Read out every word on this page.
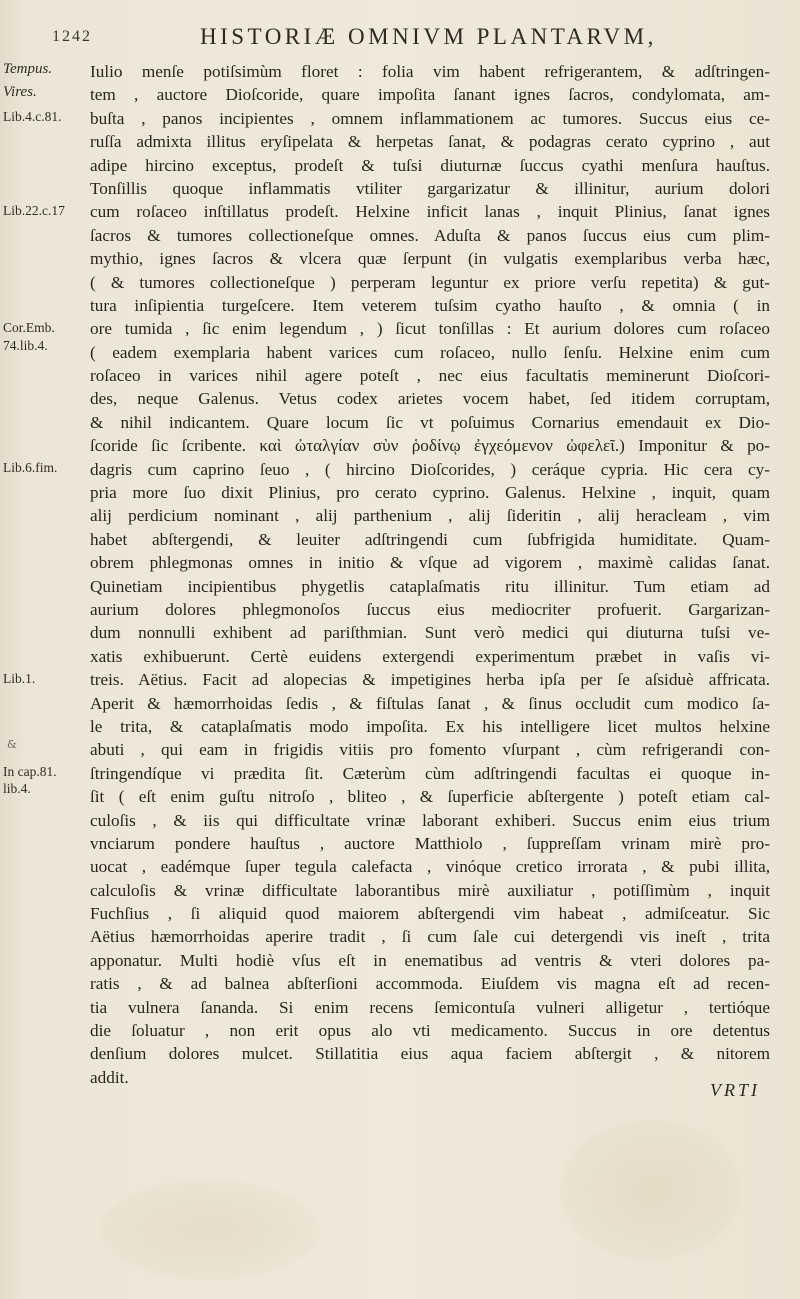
1242	HISTORIÆ OMNIVM PLANTARVM,
Tempus.
Vires.
Lib.4.c.81.
Lib.22.c.17
Cor.Emb.
74.lib.4.
Lib.6.fim.
Lib.1.
&
In cap.81.
lib.4.
Iulio menſe potiſsimùm floret : folia vim habent refrigerantem, & adſtringen-
tem , auctore Dioſcoride, quare impoſita ſanant ignes ſacros, condylomata, am-
buſta , panos incipientes , omnem inflammationem ac tumores. Succus eius ce-
ruſſa admixta illitus eryſipelata & herpetas ſanat, & podagras cerato cyprino , aut
adipe hircino exceptus, prodeſt & tuſsi diuturnæ ſuccus cyathi menſura hauſtus.
Tonſillis quoque inflammatis vtiliter gargarizatur & illinitur, aurium dolori
cum roſaceo inſtillatus prodeſt. Helxine inficit lanas , inquit Plinius, ſanat ignes
ſacros & tumores collectioneſque omnes. Aduſta & panos ſuccus eius cum plim-
mythio, ignes ſacros & vlcera quæ ſerpunt (in vulgatis exemplaribus verba hæc,
( & tumores collectioneſque ) perperam leguntur ex priore verſu repetita) & gut-
tura inſipientia turgeſcere. Item veterem tuſsim cyatho hauſto , & omnia ( in
ore tumida , ſic enim legendum , ) ſicut tonſillas : Et aurium dolores cum roſaceo
( eadem exemplaria habent varices cum roſaceo, nullo ſenſu. Helxine enim cum
roſaceo in varices nihil agere poteſt , nec eius facultatis meminerunt Dioſcori-
des, neque Galenus. Vetus codex arietes vocem habet, ſed itidem corruptam,
& nihil indicantem. Quare locum ſic vt poſuimus Cornarius emendauit ex Dio-
ſcoride ſic ſcribente. καὶ ὠταλγίαν σὺν ῥοδίνῳ ἐγχεόμενον ὠφελεῖ.) Imponitur & po-
dagris cum caprino ſeuo , ( hircino Dioſcorides, ) ceráque cypria. Hic cera cy-
pria more ſuo dixit Plinius, pro cerato cyprino. Galenus. Helxine , inquit, quam
alij perdicium nominant , alij parthenium , alij ſideritin , alij heracleam , vim
habet abſtergendi, & leuiter adſtringendi cum ſubfrigida humiditate. Quam-
obrem phlegmonas omnes in initio & vſque ad vigorem , maximè calidas ſanat.
Quinetiam incipientibus phygetlis cataplaſmatis ritu illinitur. Tum etiam ad
aurium dolores phlegmonoſos ſuccus eius mediocriter profuerit. Gargarizan-
dum nonnulli exhibent ad pariſthmian. Sunt verò medici qui diuturna tuſsi ve-
xatis exhibuerunt. Certè euidens extergendi experimentum præbet in vaſis vi-
treis. Aëtius. Facit ad alopecias & impetigines herba ipſa per ſe aſsiduè affricata.
Aperit & hæmorrhoidas ſedis , & fiſtulas ſanat , & ſinus occludit cum modico ſa-
le trita, & cataplaſmatis modo impoſita. Ex his intelligere licet multos helxine
abuti , qui eam in frigidis vitiis pro fomento vſurpant , cùm refrigerandi con-
ſtringendíque vi prædita ſit. Cæterùm cùm adſtringendi facultas ei quoque in-
ſit ( eſt enim guſtu nitroſo , bliteo , & ſuperficie abſtergente ) poteſt etiam cal-
culoſis , & iis qui difficultate vrinæ laborant exhiberi. Succus enim eius trium
vnciarum pondere hauſtus , auctore Matthiolo , ſuppreſſam vrinam mirè pro-
uocat , eadémque ſuper tegula calefacta , vinóque cretico irrorata , & pubi illita,
calculoſis & vrinæ difficultate laborantibus mirè auxiliatur , potiſſimùm , inquit
Fuchſius , ſi aliquid quod maiorem abſtergendi vim habeat , admiſceatur. Sic
Aëtius hæmorrhoidas aperire tradit , ſi cum ſale cui detergendi vis ineſt , trita
apponatur. Multi hodiè vſus eſt in enematibus ad ventris & vteri dolores pa-
ratis , & ad balnea abſterſioni accommoda. Eiuſdem vis magna eſt ad recen-
tia vulnera ſananda. Si enim recens ſemicontuſa vulneri alligetur , tertióque
die ſoluatur , non erit opus alo vti medicamento. Succus in ore detentus
denſium dolores mulcet. Stillatitia eius aqua faciem abſtergit , & nitorem
addit.
VRTI
